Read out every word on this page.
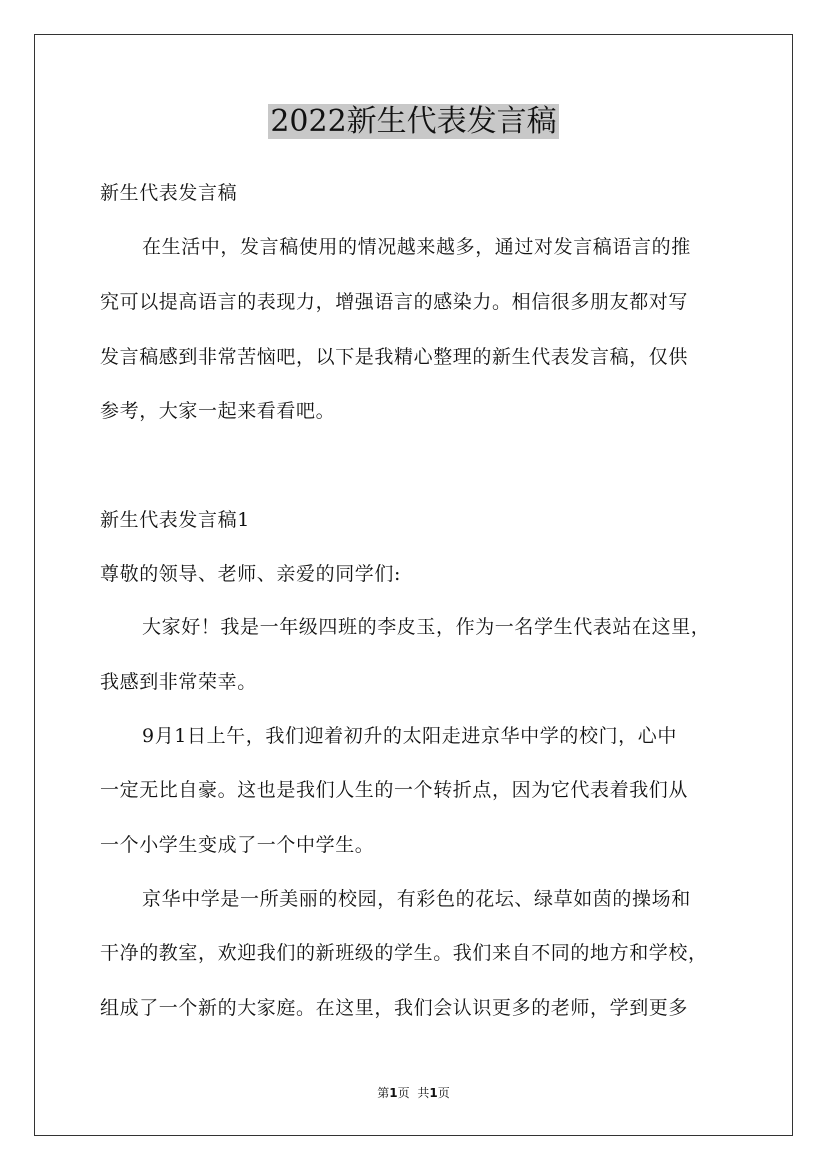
2022新生代表发言稿
新生代表发言稿
在生活中，发言稿使用的情况越来越多，通过对发言稿语言的推
究可以提高语言的表现力，增强语言的感染力。相信很多朋友都对写
发言稿感到非常苦恼吧，以下是我精心整理的新生代表发言稿，仅供
参考，大家一起来看看吧。
新生代表发言稿1
尊敬的领导、老师、亲爱的同学们:
大家好！我是一年级四班的李皮玉，作为一名学生代表站在这里，
我感到非常荣幸。
9月1日上午，我们迎着初升的太阳走进京华中学的校门，心中
一定无比自豪。这也是我们人生的一个转折点，因为它代表着我们从
一个小学生变成了一个中学生。
京华中学是一所美丽的校园，有彩色的花坛、绿草如茵的操场和
干净的教室，欢迎我们的新班级的学生。我们来自不同的地方和学校，
组成了一个新的大家庭。在这里，我们会认识更多的老师，学到更多
第1页 共1页
